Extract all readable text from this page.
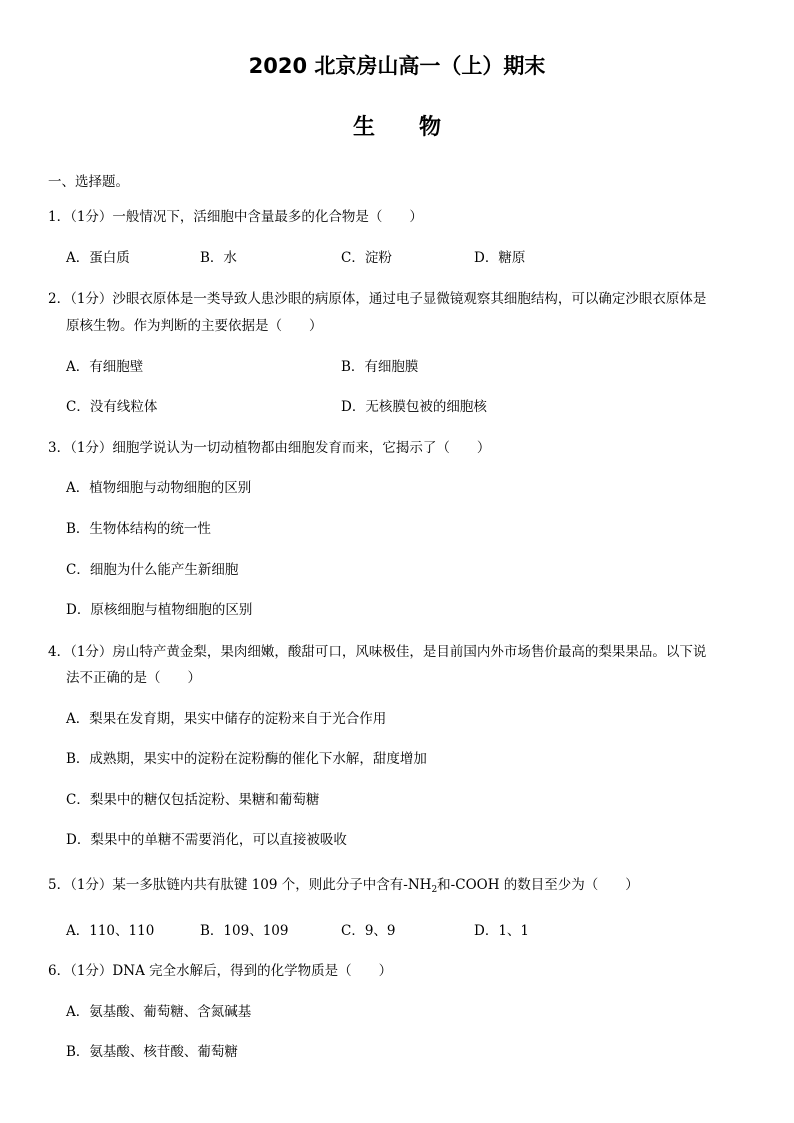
2020 北京房山高一（上）期末
生物
一、选择题。
1．（1分）一般情况下，活细胞中含量最多的化合物是（　　）
A．蛋白质	B．水	C．淀粉	D．糖原
2．（1分）沙眼衣原体是一类导致人患沙眼的病原体，通过电子显微镜观察其细胞结构，可以确定沙眼衣原体是
原核生物。作为判断的主要依据是（　　）
A．有细胞壁	B．有细胞膜
C．没有线粒体	D．无核膜包被的细胞核
3．（1分）细胞学说认为一切动植物都由细胞发育而来，它揭示了（　　）
A．植物细胞与动物细胞的区别
B．生物体结构的统一性
C．细胞为什么能产生新细胞
D．原核细胞与植物细胞的区别
4．（1分）房山特产黄金梨，果肉细嫩，酸甜可口，风味极佳，是目前国内外市场售价最高的梨果果品。以下说
法不正确的是（　　）
A．梨果在发育期，果实中储存的淀粉来自于光合作用
B．成熟期，果实中的淀粉在淀粉酶的催化下水解，甜度增加
C．梨果中的糖仅包括淀粉、果糖和葡萄糖
D．梨果中的单糖不需要消化，可以直接被吸收
5．（1分）某一多肽链内共有肽键 109 个，则此分子中含有$-NH_2$和-COOH 的数目至少为（　　）
A．110、110	B．109、109	C．9、9	D．1、1
6．（1分）DNA 完全水解后，得到的化学物质是（　　）
A．氨基酸、葡萄糖、含氮碱基
B．氨基酸、核苷酸、葡萄糖
